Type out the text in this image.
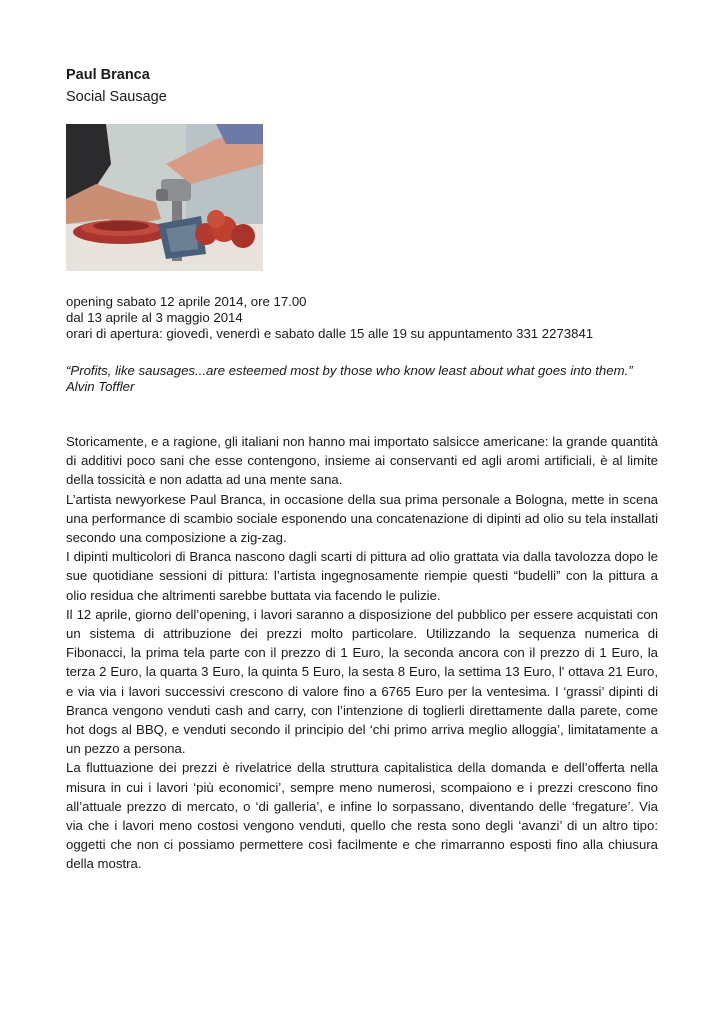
Paul Branca

Social Sausage

opening sabato 12 aprile 2014, ore 17.00

dal 13 aprile al 3 maggio 2014

orari di apertura: giovedì, venerdì e sabato dalle 15 alle 19 su appuntamento 331 2273841

“Profits, like sausages...are esteemed most by those who know least about what goes into them.”

Alvin Toffler

Storicamente, e a ragione, gli italiani non hanno mai importato salsicce americane: la grande quantità di additivi poco sani che esse contengono, insieme ai conservanti ed agli aromi artificiali, è al limite della tossicità e non adatta ad una mente sana.

L’artista newyorkese Paul Branca, in occasione della sua prima personale a Bologna, mette in scena una performance di scambio sociale esponendo una concatenazione di dipinti ad olio su tela installati secondo una composizione a zig-zag.

I dipinti multicolori di Branca nascono dagli scarti di pittura ad olio grattata via dalla tavolozza dopo le sue quotidiane sessioni di pittura: l’artista ingegnosamente riempie questi “budelli” con la pittura a olio residua che altrimenti sarebbe buttata via facendo le pulizie.

Il 12 aprile, giorno dell’opening, i lavori saranno a disposizione del pubblico per essere acquistati con un sistema di attribuzione dei prezzi molto particolare. Utilizzando la sequenza numerica di Fibonacci, la prima tela parte con il prezzo di 1 Euro, la seconda ancora con il prezzo di 1 Euro, la terza 2 Euro, la quarta 3 Euro, la quinta 5 Euro, la sesta 8 Euro, la settima 13 Euro, l' ottava 21 Euro, e via via i lavori successivi crescono di valore fino a 6765 Euro per la ventesima. I ‘grassi’ dipinti di Branca vengono venduti cash and carry, con l’intenzione di toglierli direttamente dalla parete, come hot dogs al BBQ, e venduti secondo il principio del ‘chi primo arriva meglio alloggia’, limitatamente a un pezzo a persona.

La fluttuazione dei prezzi è rivelatrice della struttura capitalistica della domanda e dell’offerta nella misura in cui i lavori ‘più economici’, sempre meno numerosi, scompaiono e i prezzi crescono fino all’attuale prezzo di mercato, o ‘di galleria’, e infine lo sorpassano, diventando delle ‘fregature’. Via via che i lavori meno costosi vengono venduti, quello che resta sono degli ‘avanzi’ di un altro tipo: oggetti che non ci possiamo permettere così facilmente e che rimarranno esposti fino alla chiusura della mostra.
